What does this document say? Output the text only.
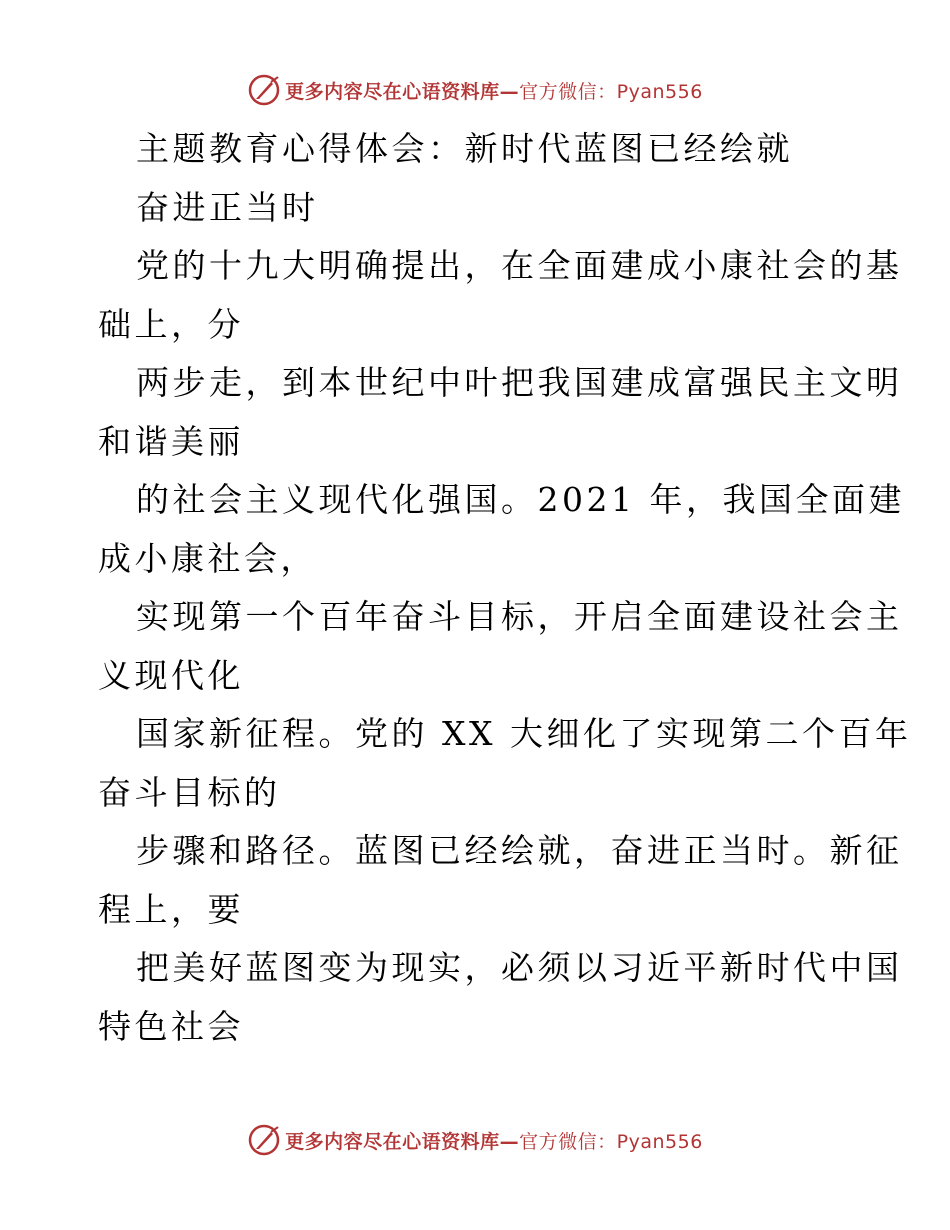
更多内容尽在心语资料库—官方微信：Pyan556
主题教育心得体会：新时代蓝图已经绘就
奋进正当时
党的十九大明确提出，在全面建成小康社会的基
础上，分
两步走，到本世纪中叶把我国建成富强民主文明
和谐美丽
的社会主义现代化强国。2021 年，我国全面建
成小康社会，
实现第一个百年奋斗目标，开启全面建设社会主
义现代化
国家新征程。党的 XX 大细化了实现第二个百年
奋斗目标的
步骤和路径。蓝图已经绘就，奋进正当时。新征
程上，要
把美好蓝图变为现实，必须以习近平新时代中国
特色社会
更多内容尽在心语资料库—官方微信：Pyan556
